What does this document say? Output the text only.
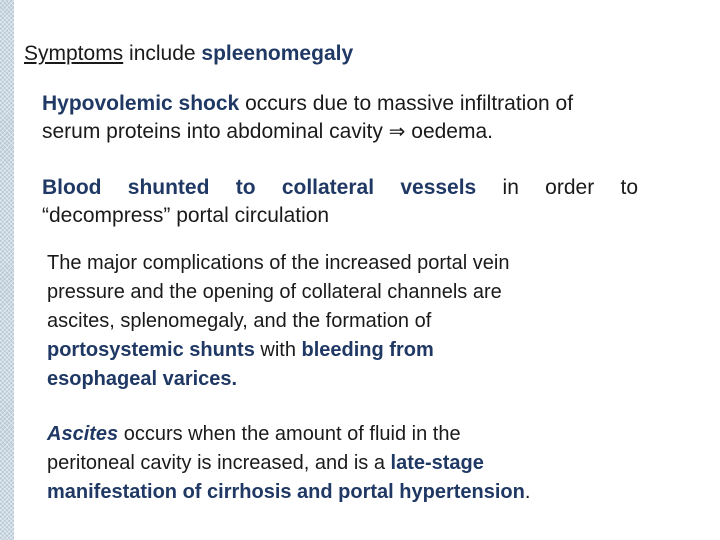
Symptoms include spleenomegaly
Hypovolemic shock occurs due to massive infiltration of
serum proteins into abdominal cavity ⇒ oedema.
Blood shunted to collateral vessels in order to
“decompress” portal circulation
The major complications of the increased portal vein
pressure and the opening of collateral channels are
ascites, splenomegaly, and the formation of
portosystemic shunts with bleeding from
esophageal varices.
Ascites occurs when the amount of fluid in the
peritoneal cavity is increased, and is a late-stage
manifestation of cirrhosis and portal hypertension.
